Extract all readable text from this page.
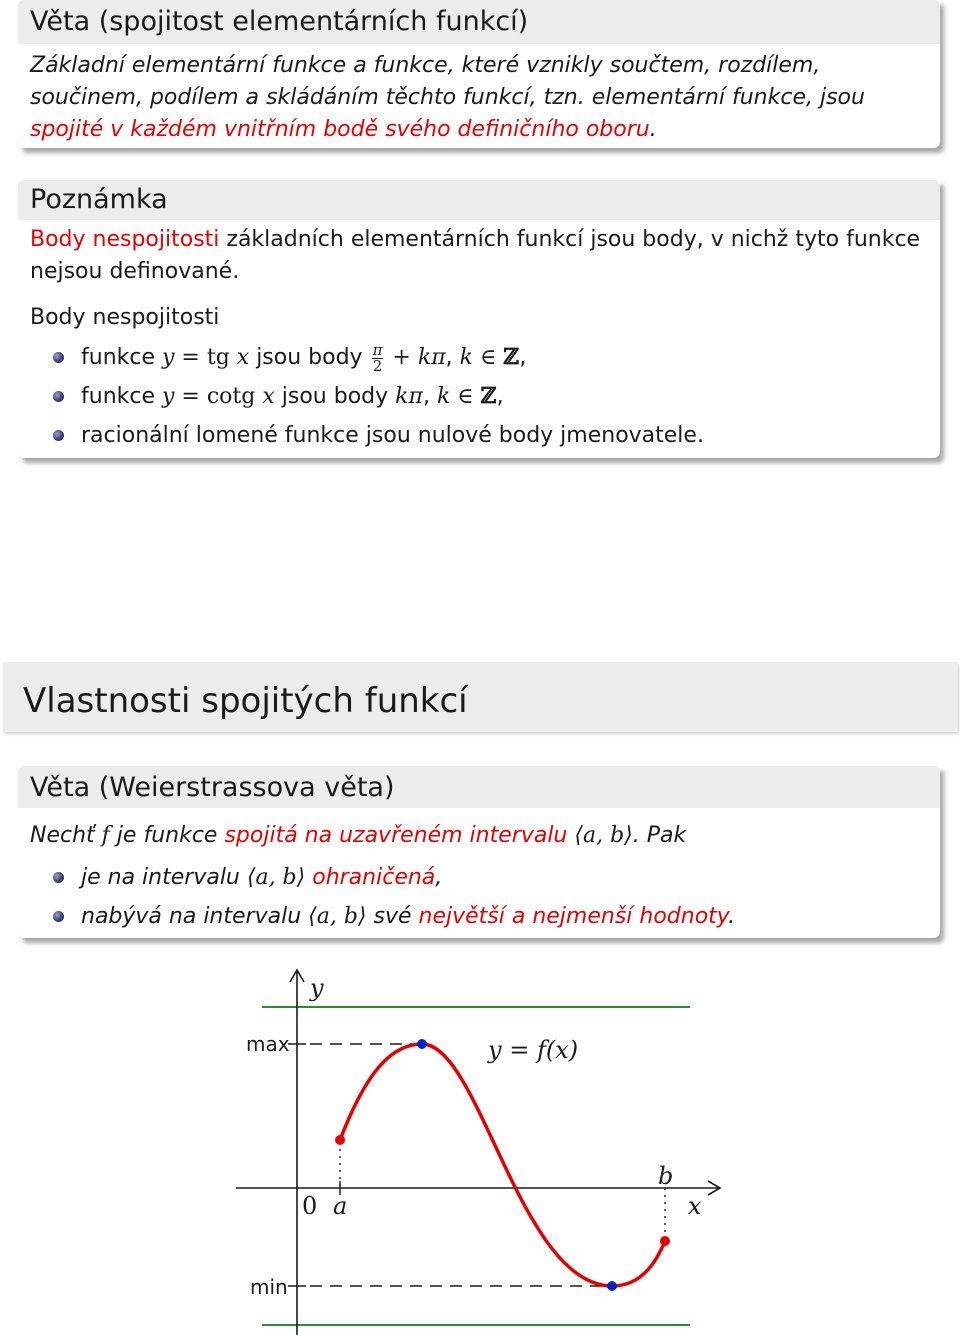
Věta (spojitost elementárních funkcí)
Základní elementární funkce a funkce, které vznikly součtem, rozdílem, součinem, podílem a skládáním těchto funkcí, tzn. elementární funkce, jsou spojité v každém vnitřním bodě svého definičního oboru.
Poznámka

Body nespojitosti základních elementárních funkcí jsou body, v nichž tyto funkce nejsou definované.

Body nespojitosti

funkce y = tg x jsou body $\frac{\pi}{2} + k\pi$, k ∈ ℤ,
funkce y = cotg x jsou body kπ, k ∈ ℤ,
racionální lomené funkce jsou nulové body jmenovatele.
Vlastnosti spojitých funkcí
Věta (Weierstrassova věta)

Nechť f je funkce spojitá na uzavřeném intervalu ⟨a, b⟩. Pak

je na intervalu ⟨a, b⟩ ohraničená,
nabývá na intervalu ⟨a, b⟩ své největší a nejmenší hodnoty.
y
x
0 a
b
max
min
y = f(x)
